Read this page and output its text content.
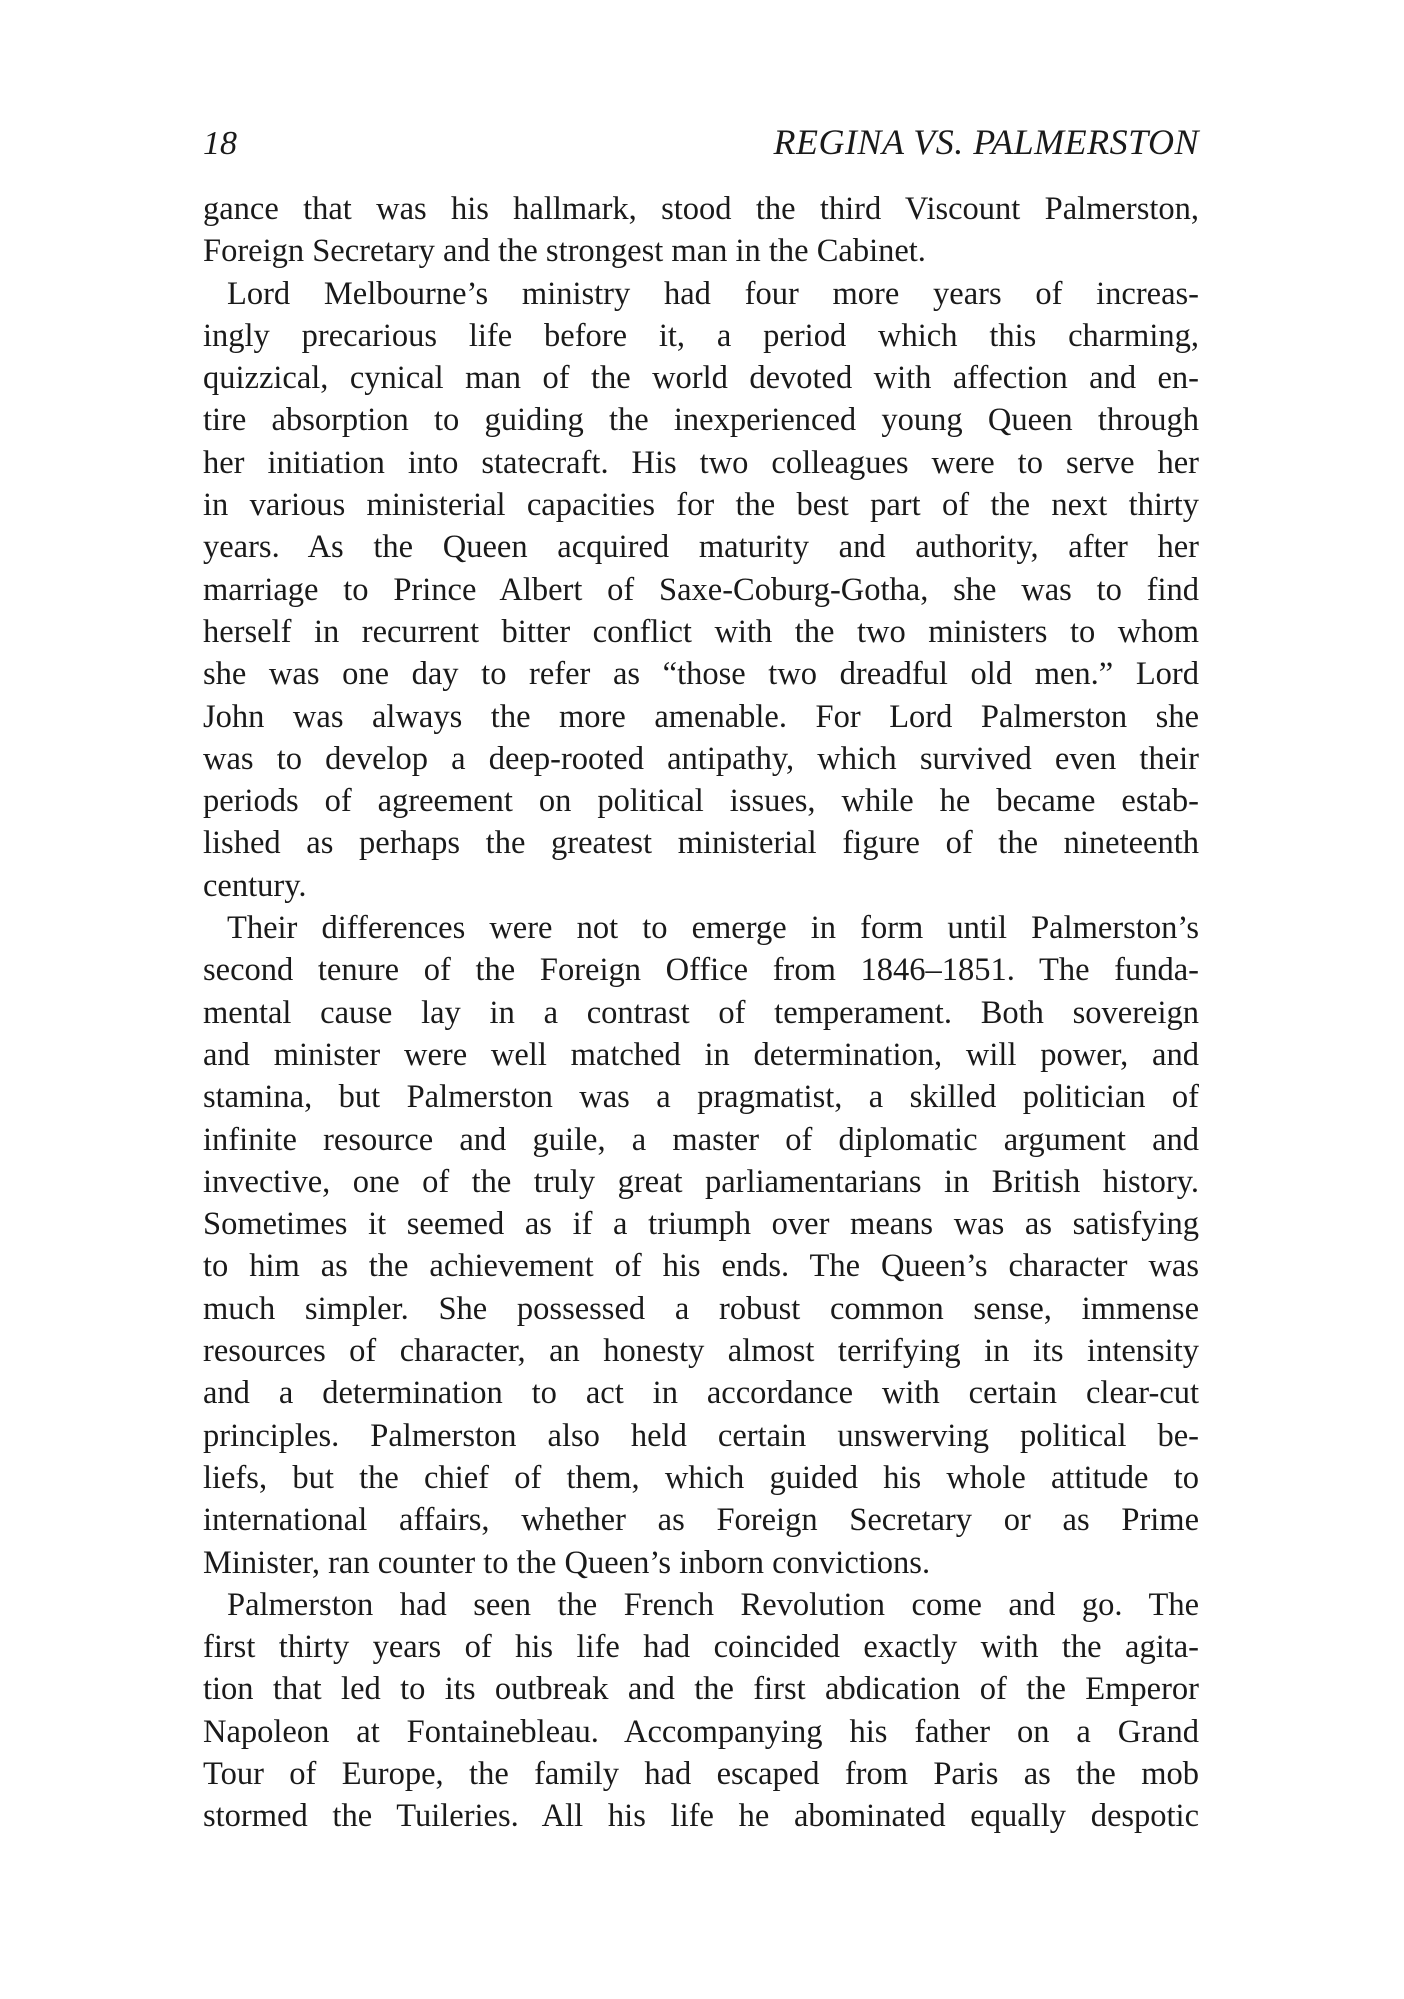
18	REGINA VS. PALMERSTON
gance that was his hallmark, stood the third Viscount Palmerston,
Foreign Secretary and the strongest man in the Cabinet.
Lord Melbourne’s ministry had four more years of increas-
ingly precarious life before it, a period which this charming,
quizzical, cynical man of the world devoted with affection and en-
tire absorption to guiding the inexperienced young Queen through
her initiation into statecraft. His two colleagues were to serve her
in various ministerial capacities for the best part of the next thirty
years. As the Queen acquired maturity and authority, after her
marriage to Prince Albert of Saxe-Coburg-Gotha, she was to find
herself in recurrent bitter conflict with the two ministers to whom
she was one day to refer as “those two dreadful old men.” Lord
John was always the more amenable. For Lord Palmerston she
was to develop a deep-rooted antipathy, which survived even their
periods of agreement on political issues, while he became estab-
lished as perhaps the greatest ministerial figure of the nineteenth
century.
Their differences were not to emerge in form until Palmerston’s
second tenure of the Foreign Office from 1846–1851. The funda-
mental cause lay in a contrast of temperament. Both sovereign
and minister were well matched in determination, will power, and
stamina, but Palmerston was a pragmatist, a skilled politician of
infinite resource and guile, a master of diplomatic argument and
invective, one of the truly great parliamentarians in British history.
Sometimes it seemed as if a triumph over means was as satisfying
to him as the achievement of his ends. The Queen’s character was
much simpler. She possessed a robust common sense, immense
resources of character, an honesty almost terrifying in its intensity
and a determination to act in accordance with certain clear-cut
principles. Palmerston also held certain unswerving political be-
liefs, but the chief of them, which guided his whole attitude to
international affairs, whether as Foreign Secretary or as Prime
Minister, ran counter to the Queen’s inborn convictions.
Palmerston had seen the French Revolution come and go. The
first thirty years of his life had coincided exactly with the agita-
tion that led to its outbreak and the first abdication of the Emperor
Napoleon at Fontainebleau. Accompanying his father on a Grand
Tour of Europe, the family had escaped from Paris as the mob
stormed the Tuileries. All his life he abominated equally despotic
